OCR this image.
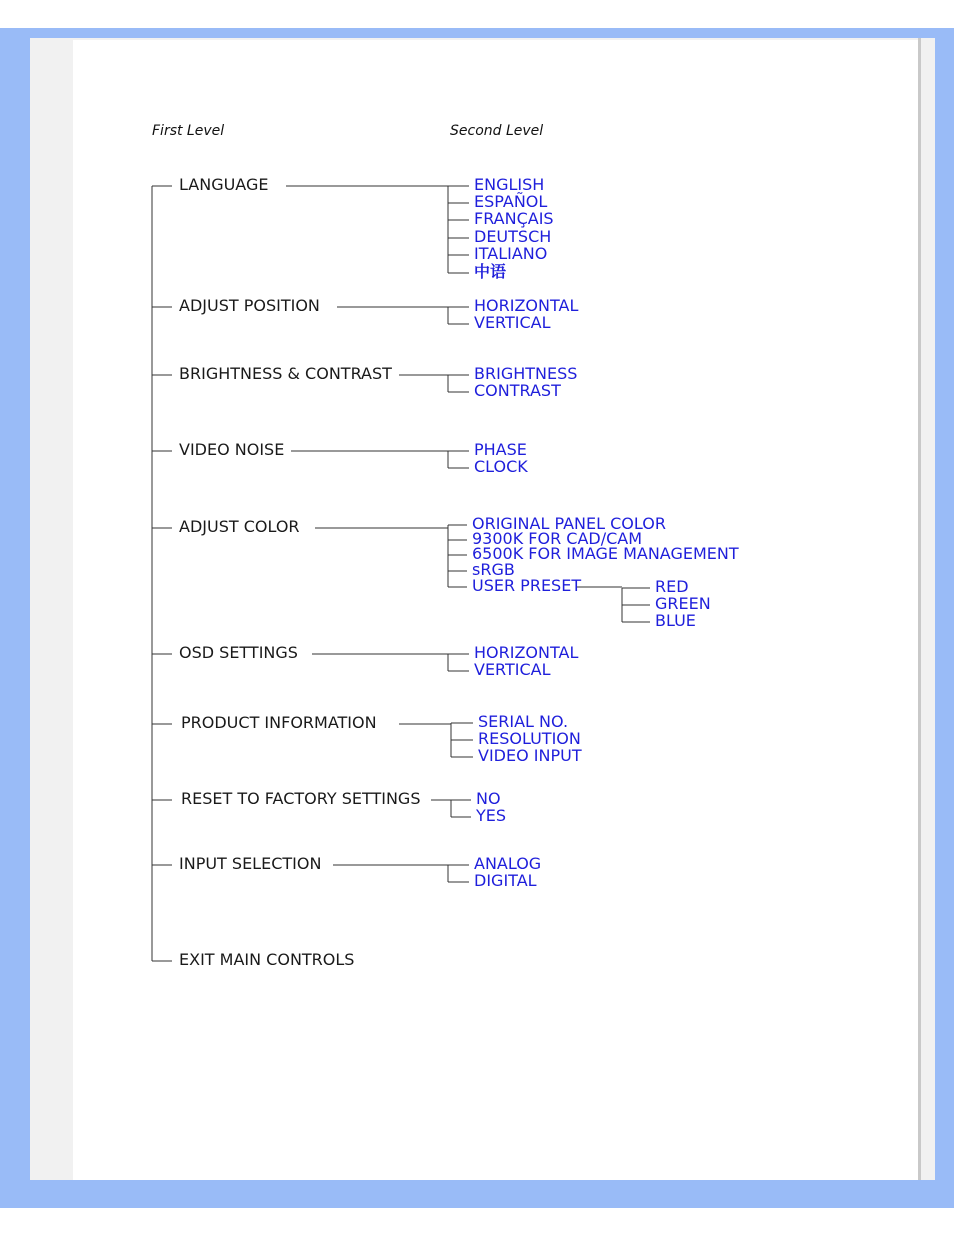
First Level	Second Level
LANGUAGE	ENGLISH
ESPAÑOL
FRANÇAIS
DEUTSCH
ITALIANO
中语
ADJUST POSITION	HORIZONTAL
VERTICAL
BRIGHTNESS & CONTRAST	BRIGHTNESS
CONTRAST
VIDEO NOISE	PHASE
CLOCK
ADJUST COLOR	ORIGINAL PANEL COLOR
9300K FOR CAD/CAM
6500K FOR IMAGE MANAGEMENT
sRGB
USER PRESET	RED
GREEN
BLUE
OSD SETTINGS	HORIZONTAL
VERTICAL
PRODUCT INFORMATION	SERIAL NO.
RESOLUTION
VIDEO INPUT
RESET TO FACTORY SETTINGS	NO
YES
INPUT SELECTION	ANALOG
DIGITAL
EXIT MAIN CONTROLS
